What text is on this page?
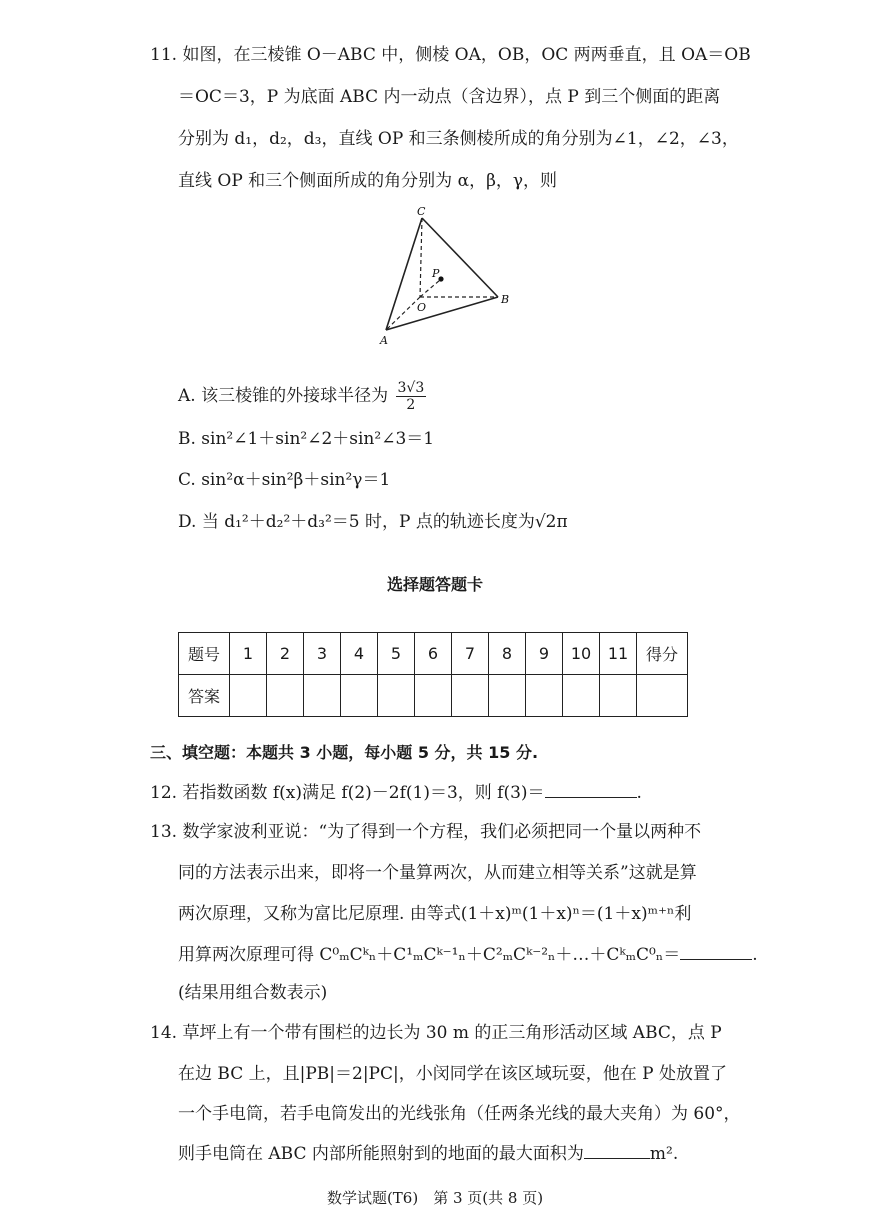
11. 如图，在三棱锥 O－ABC 中，侧棱 OA，OB，OC 两两垂直，且 OA＝OB
＝OC＝3，P 为底面 ABC 内一动点（含边界），点 P 到三个侧面的距离
分别为 d₁，d₂，d₃，直线 OP 和三条侧棱所成的角分别为∠1，∠2，∠3，
直线 OP 和三个侧面所成的角分别为 α，β，γ，则
C
P
O
B
A
A. 该三棱锥的外接球半径为 $\frac{3√3}{2}$
B. sin²∠1＋sin²∠2＋sin²∠3＝1
C. sin²α＋sin²β＋sin²γ＝1
D. 当 d₁²＋d₂²＋d₃²＝5 时，P 点的轨迹长度为√2π
选择题答题卡
题号	1	2	3	4	5	6	7	8	9	10	11	得分
答案												
三、填空题：本题共 3 小题，每小题 5 分，共 15 分.
12. 若指数函数 f(x)满足 f(2)－2f(1)＝3，则 f(3)＝	.
13. 数学家波利亚说：“为了得到一个方程，我们必须把同一个量以两种不
同的方法表示出来，即将一个量算两次，从而建立相等关系”这就是算
两次原理，又称为富比尼原理. 由等式(1＋x)ᵐ(1＋x)ⁿ＝(1＋x)ᵐ⁺ⁿ利
用算两次原理可得 C⁰ₘCᵏₙ＋C¹ₘCᵏ⁻¹ₙ＋C²ₘCᵏ⁻²ₙ＋…＋CᵏₘC⁰ₙ＝	.
(结果用组合数表示)
14. 草坪上有一个带有围栏的边长为 30 m 的正三角形活动区域 ABC，点 P
在边 BC 上，且|PB|＝2|PC|，小闵同学在该区域玩耍，他在 P 处放置了
一个手电筒，若手电筒发出的光线张角（任两条光线的最大夹角）为 60°，
则手电筒在 ABC 内部所能照射到的地面的最大面积为	m².
数学试题(T6)　第 3 页(共 8 页)
